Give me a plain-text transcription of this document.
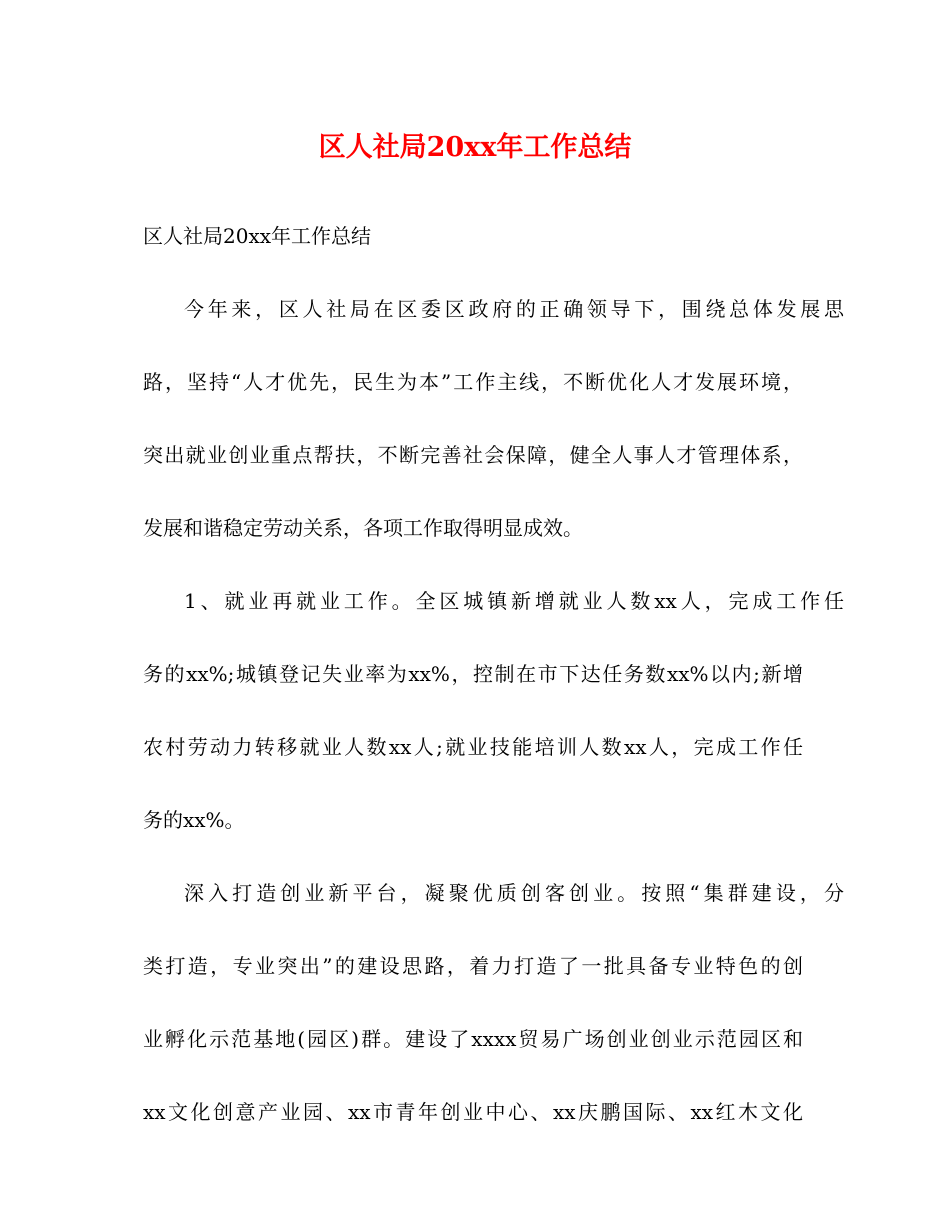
区人社局20xx年工作总结
区人社局20xx年工作总结
今年来，区人社局在区委区政府的正确领导下，围绕总体发展思
路，坚持“人才优先，民生为本”工作主线，不断优化人才发展环境，
突出就业创业重点帮扶，不断完善社会保障，健全人事人才管理体系，
发展和谐稳定劳动关系，各项工作取得明显成效。
1、就业再就业工作。全区城镇新增就业人数xx人，完成工作任
务的xx%;城镇登记失业率为xx%，控制在市下达任务数xx%以内;新增
农村劳动力转移就业人数xx人;就业技能培训人数xx人，完成工作任
务的xx%。
深入打造创业新平台，凝聚优质创客创业。按照“集群建设，分
类打造，专业突出”的建设思路，着力打造了一批具备专业特色的创
业孵化示范基地(园区)群。建设了xxxx贸易广场创业创业示范园区和
xx文化创意产业园、xx市青年创业中心、xx庆鹏国际、xx红木文化
